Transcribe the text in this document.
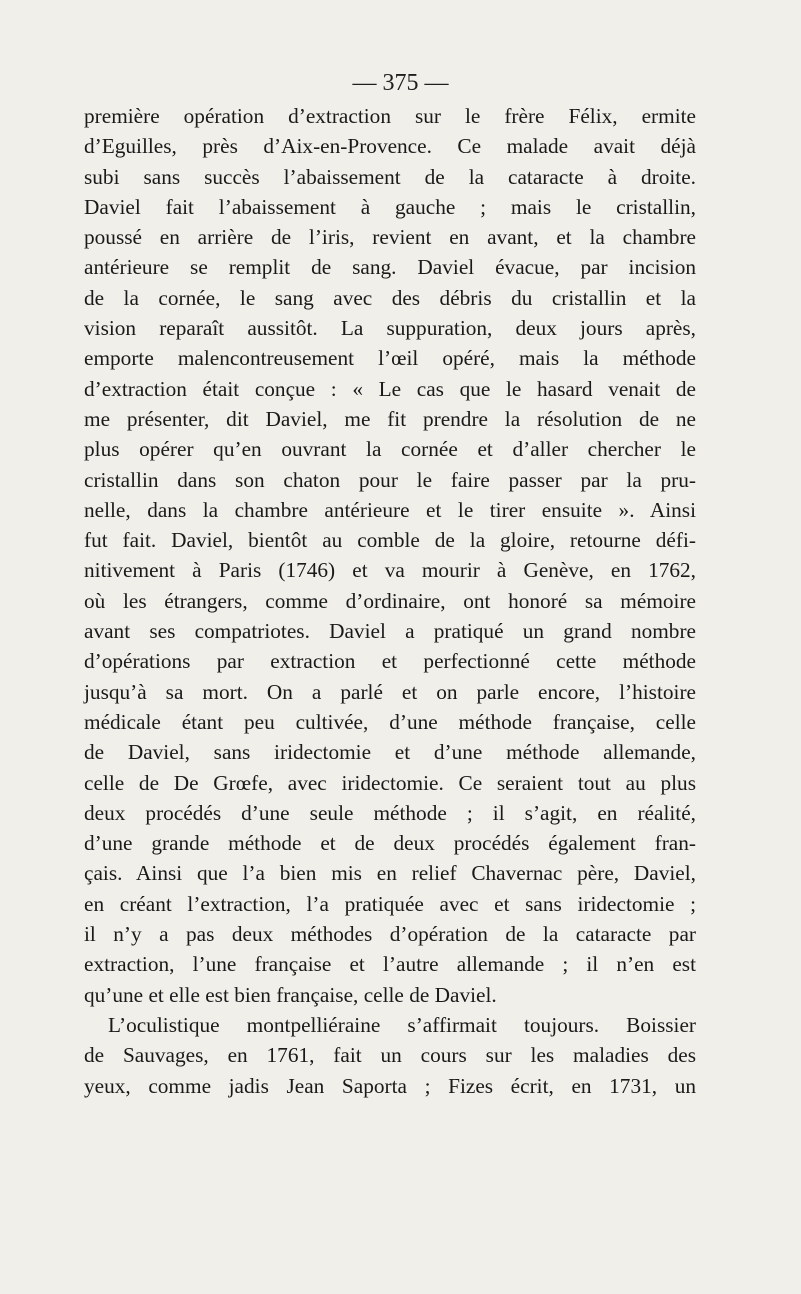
— 375 —

première opération d’extraction sur le frère Félix, ermite
d’Eguilles, près d’Aix-en-Provence. Ce malade avait déjà
subi sans succès l’abaissement de la cataracte à droite.
Daviel fait l’abaissement à gauche ; mais le cristallin,
poussé en arrière de l’iris, revient en avant, et la chambre
antérieure se remplit de sang. Daviel évacue, par incision
de la cornée, le sang avec des débris du cristallin et la
vision reparaît aussitôt. La suppuration, deux jours après,
emporte malencontreusement l’œil opéré, mais la méthode
d’extraction était conçue : « Le cas que le hasard venait de
me présenter, dit Daviel, me fit prendre la résolution de ne
plus opérer qu’en ouvrant la cornée et d’aller chercher le
cristallin dans son chaton pour le faire passer par la pru-
nelle, dans la chambre antérieure et le tirer ensuite ». Ainsi
fut fait. Daviel, bientôt au comble de la gloire, retourne défi-
nitivement à Paris (1746) et va mourir à Genève, en 1762,
où les étrangers, comme d’ordinaire, ont honoré sa mémoire
avant ses compatriotes. Daviel a pratiqué un grand nombre
d’opérations par extraction et perfectionné cette méthode
jusqu’à sa mort. On a parlé et on parle encore, l’histoire
médicale étant peu cultivée, d’une méthode française, celle
de Daviel, sans iridectomie et d’une méthode allemande,
celle de De Grœfe, avec iridectomie. Ce seraient tout au plus
deux procédés d’une seule méthode ; il s’agit, en réalité,
d’une grande méthode et de deux procédés également fran-
çais. Ainsi que l’a bien mis en relief Chavernac père, Daviel,
en créant l’extraction, l’a pratiquée avec et sans iridectomie ;
il n’y a pas deux méthodes d’opération de la cataracte par
extraction, l’une française et l’autre allemande ; il n’en est
qu’une et elle est bien française, celle de Daviel.
L’oculistique montpelliéraine s’affirmait toujours. Boissier
de Sauvages, en 1761, fait un cours sur les maladies des
yeux, comme jadis Jean Saporta ; Fizes écrit, en 1731, un
